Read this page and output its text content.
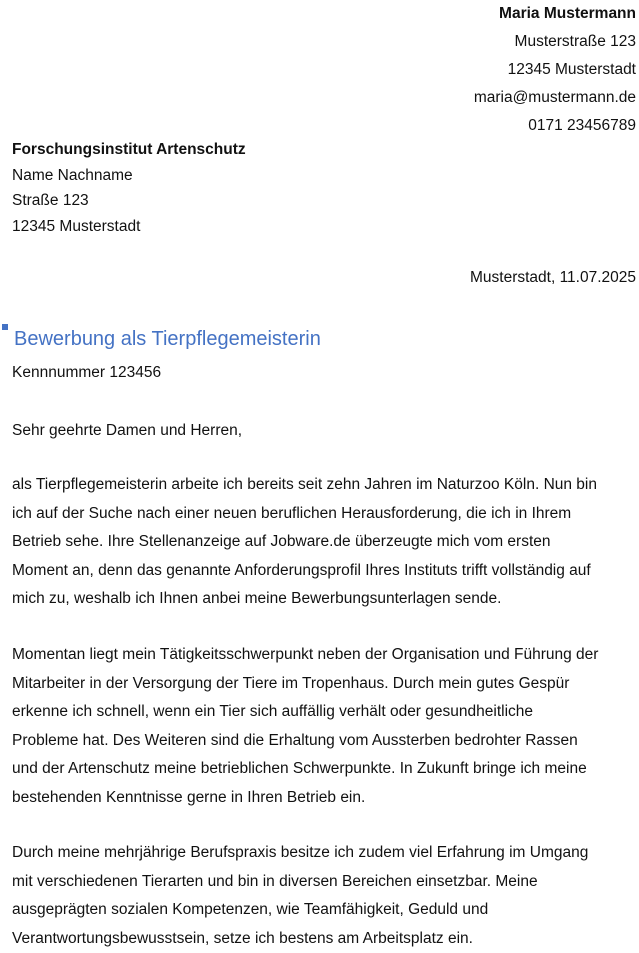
Maria Mustermann
Musterstraße 123
12345 Musterstadt
maria@mustermann.de
0171 23456789
Forschungsinstitut Artenschutz
Name Nachname
Straße 123
12345 Musterstadt
Musterstadt, 11.07.2025
Bewerbung als Tierpflegemeisterin
Kennnummer 123456
Sehr geehrte Damen und Herren,

als Tierpflegemeisterin arbeite ich bereits seit zehn Jahren im Naturzoo Köln. Nun bin
ich auf der Suche nach einer neuen beruflichen Herausforderung, die ich in Ihrem
Betrieb sehe. Ihre Stellenanzeige auf Jobware.de überzeugte mich vom ersten
Moment an, denn das genannte Anforderungsprofil Ihres Instituts trifft vollständig auf
mich zu, weshalb ich Ihnen anbei meine Bewerbungsunterlagen sende.

Momentan liegt mein Tätigkeitsschwerpunkt neben der Organisation und Führung der
Mitarbeiter in der Versorgung der Tiere im Tropenhaus. Durch mein gutes Gespür
erkenne ich schnell, wenn ein Tier sich auffällig verhält oder gesundheitliche
Probleme hat. Des Weiteren sind die Erhaltung vom Aussterben bedrohter Rassen
und der Artenschutz meine betrieblichen Schwerpunkte. In Zukunft bringe ich meine
bestehenden Kenntnisse gerne in Ihren Betrieb ein.

Durch meine mehrjährige Berufspraxis besitze ich zudem viel Erfahrung im Umgang
mit verschiedenen Tierarten und bin in diversen Bereichen einsetzbar. Meine
ausgeprägten sozialen Kompetenzen, wie Teamfähigkeit, Geduld und
Verantwortungsbewusstsein, setze ich bestens am Arbeitsplatz ein.
